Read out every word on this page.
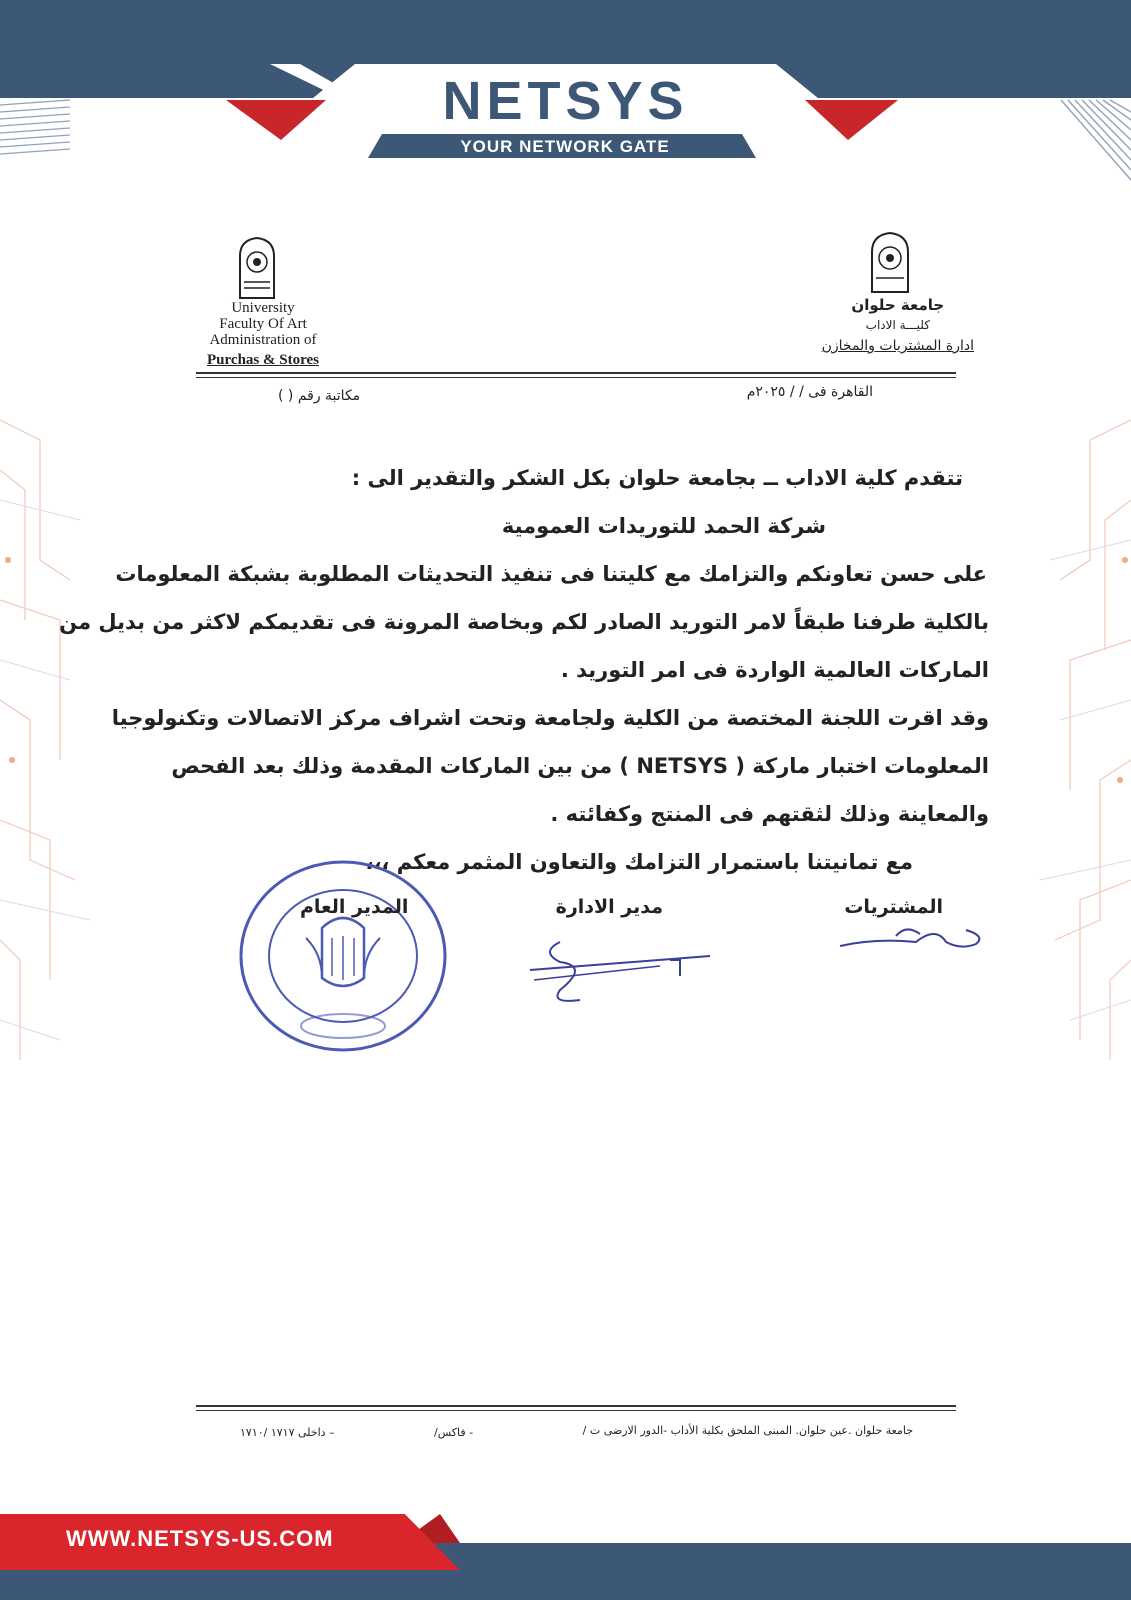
NETSYS
YOUR NETWORK GATE
University
Faculty Of Art
Administration of
Purchas & Stores
جامعة حلوان
كليـــة الاداب
ادارة المشتريات والمخازن
القاهرة فى / / ٢٠٢٥م
مكاتبة رقم ( )
تتقدم كلية الاداب ــ بجامعة حلوان بكل الشكر والتقدير الى :
شركة الحمد للتوريدات العمومية
على حسن تعاونكم والتزامك مع كليتنا فى تنفيذ التحديثات المطلوبة بشبكة المعلومات
بالكلية طرفنا طبقاً لامر التوريد الصادر لكم وبخاصة المرونة فى تقديمكم لاكثر من بديل من
الماركات العالمية الواردة فى امر التوريد .
وقد اقرت اللجنة المختصة من الكلية ولجامعة وتحت اشراف مركز الاتصالات وتكنولوجيا
المعلومات اختبار ماركة ( NETSYS ) من بين الماركات المقدمة وذلك بعد الفحص
والمعاينة وذلك لثقتهم فى المنتج وكفائته .
مع تمانيتنا باستمرار التزامك والتعاون المثمر معكم ،،،
المشتريات
مدير الادارة
المدير العام
جامعة حلوان .عين حلوان. المبنى الملحق بكلية الأداب -الدور الارضى ت /
- فاكس/
– داخلى ١٧١٧ /١٧١٠
WWW.NETSYS-US.COM
